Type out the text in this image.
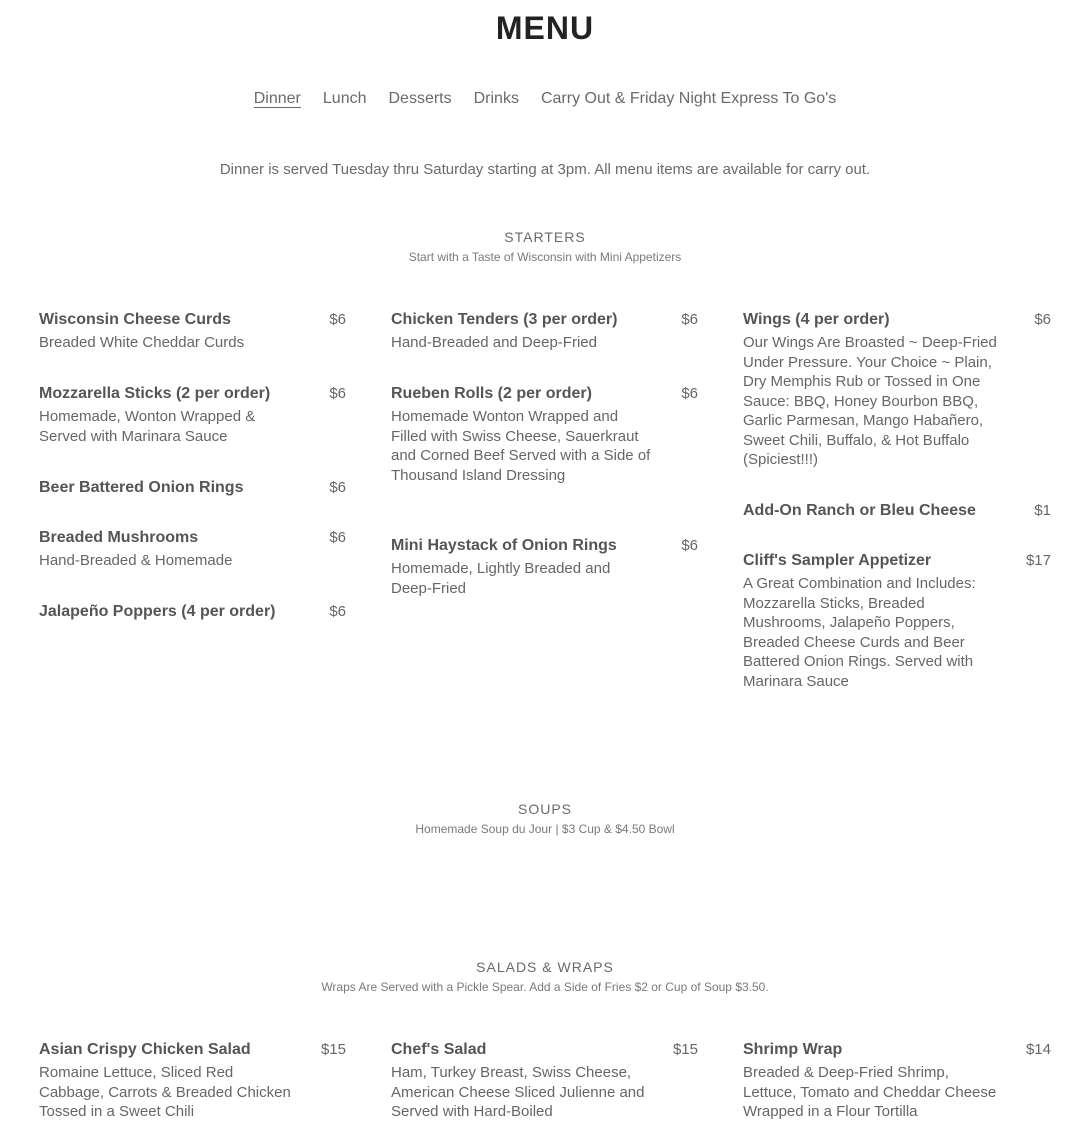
MENU
Dinner Lunch Desserts Drinks Carry Out & Friday Night Express To Go's
Dinner is served Tuesday thru Saturday starting at 3pm. All menu items are available for carry out.
STARTERS
Start with a Taste of Wisconsin with Mini Appetizers
Wisconsin Cheese Curds	$6
Breaded White Cheddar Curds
Mozzarella Sticks (2 per order)	$6
Homemade, Wonton Wrapped & Served with Marinara Sauce
Beer Battered Onion Rings	$6
Breaded Mushrooms	$6
Hand-Breaded & Homemade
Jalapeño Poppers (4 per order)	$6
Chicken Tenders (3 per order)	$6
Hand-Breaded and Deep-Fried
Rueben Rolls (2 per order)	$6
Homemade Wonton Wrapped and Filled with Swiss Cheese, Sauerkraut and Corned Beef Served with a Side of Thousand Island Dressing
Mini Haystack of Onion Rings	$6
Homemade, Lightly Breaded and Deep-Fried
Wings (4 per order)	$6
Our Wings Are Broasted ~ Deep-Fried Under Pressure. Your Choice ~ Plain, Dry Memphis Rub or Tossed in One Sauce: BBQ, Honey Bourbon BBQ, Garlic Parmesan, Mango Habañero, Sweet Chili, Buffalo, & Hot Buffalo (Spiciest!!!)
Add-On Ranch or Bleu Cheese	$1
Cliff's Sampler Appetizer	$17
A Great Combination and Includes: Mozzarella Sticks, Breaded Mushrooms, Jalapeño Poppers, Breaded Cheese Curds and Beer Battered Onion Rings. Served with Marinara Sauce
SOUPS
Homemade Soup du Jour | $3 Cup & $4.50 Bowl
SALADS & WRAPS
Wraps Are Served with a Pickle Spear. Add a Side of Fries $2 or Cup of Soup $3.50.
Asian Crispy Chicken Salad	$15
Romaine Lettuce, Sliced Red Cabbage, Carrots & Breaded Chicken Tossed in a Sweet Chili
Chef's Salad	$15
Ham, Turkey Breast, Swiss Cheese, American Cheese Sliced Julienne and Served with Hard-Boiled
Shrimp Wrap	$14
Breaded & Deep-Fried Shrimp, Lettuce, Tomato and Cheddar Cheese Wrapped in a Flour Tortilla
